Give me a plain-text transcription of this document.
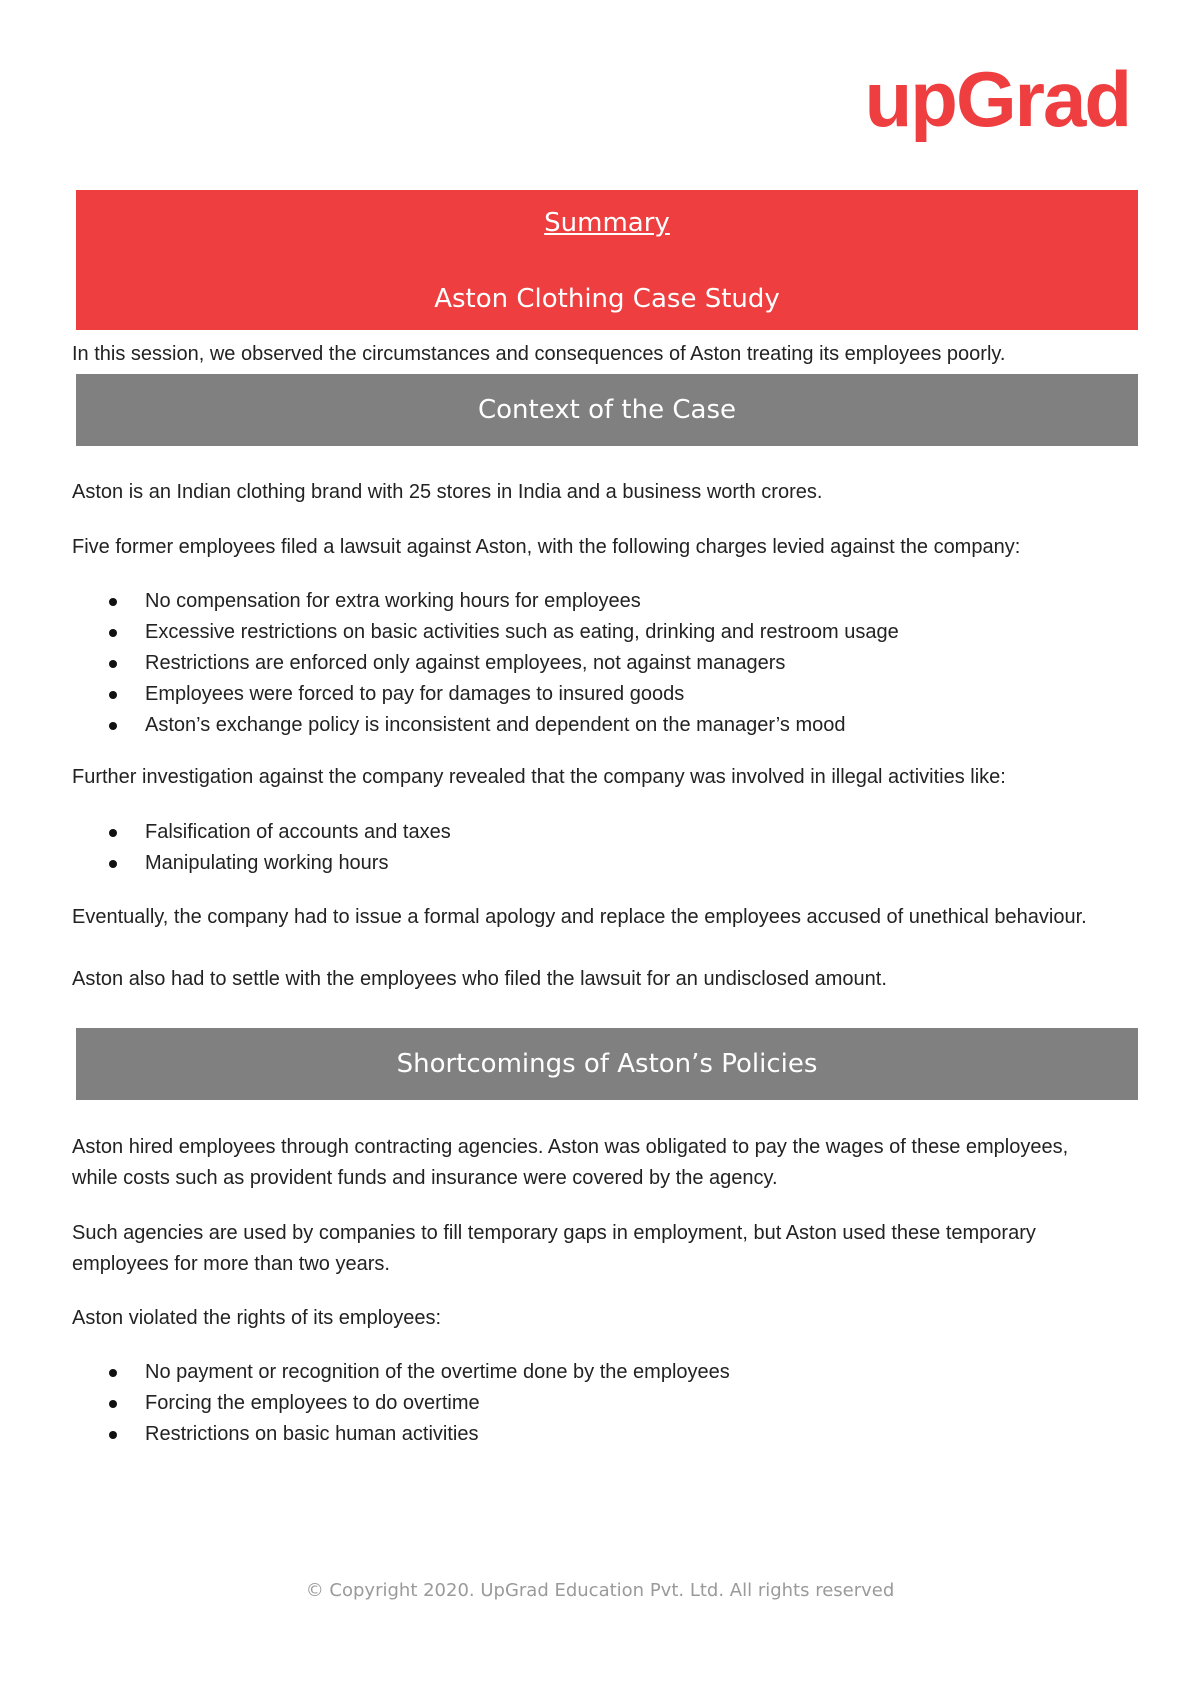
upGrad
Summary
Aston Clothing Case Study
In this session, we observed the circumstances and consequences of Aston treating its employees poorly.
Context of the Case
Aston is an Indian clothing brand with 25 stores in India and a business worth crores.
Five former employees filed a lawsuit against Aston, with the following charges levied against the company:
No compensation for extra working hours for employees
Excessive restrictions on basic activities such as eating, drinking and restroom usage
Restrictions are enforced only against employees, not against managers
Employees were forced to pay for damages to insured goods
Aston’s exchange policy is inconsistent and dependent on the manager’s mood
Further investigation against the company revealed that the company was involved in illegal activities like:
Falsification of accounts and taxes
Manipulating working hours
Eventually, the company had to issue a formal apology and replace the employees accused of unethical behaviour.
Aston also had to settle with the employees who filed the lawsuit for an undisclosed amount.
Shortcomings of Aston’s Policies
Aston hired employees through contracting agencies. Aston was obligated to pay the wages of these employees, while costs such as provident funds and insurance were covered by the agency.
Such agencies are used by companies to fill temporary gaps in employment, but Aston used these temporary employees for more than two years.
Aston violated the rights of its employees:
No payment or recognition of the overtime done by the employees
Forcing the employees to do overtime
Restrictions on basic human activities
© Copyright 2020. UpGrad Education Pvt. Ltd. All rights reserved
